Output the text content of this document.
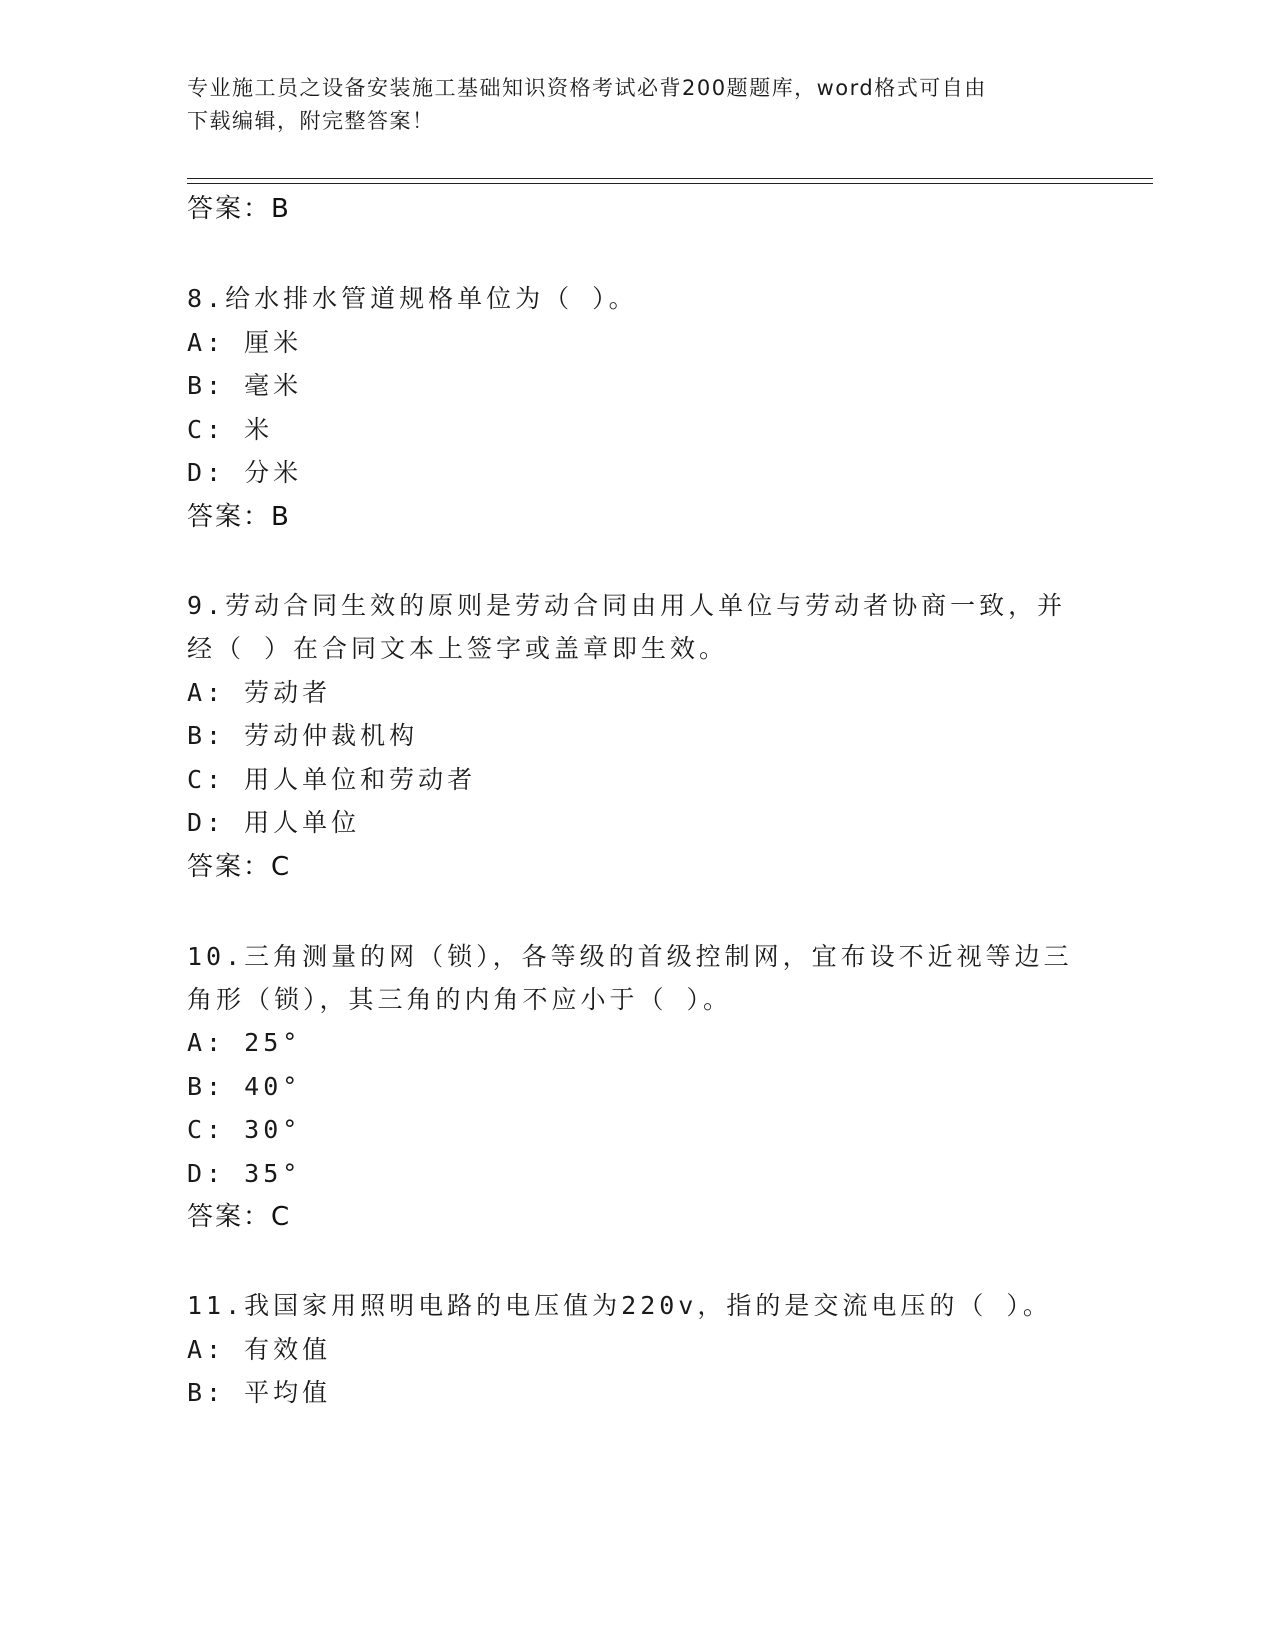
专业施工员之设备安装施工基础知识资格考试必背200题题库，word格式可自由
下载编辑，附完整答案！
答案：B
8.给水排水管道规格单位为（ ）。
A: 厘米
B: 毫米
C: 米
D: 分米
答案：B
9.劳动合同生效的原则是劳动合同由用人单位与劳动者协商一致，并
经（ ）在合同文本上签字或盖章即生效。
A: 劳动者
B: 劳动仲裁机构
C: 用人单位和劳动者
D: 用人单位
答案：C
10.三角测量的网（锁），各等级的首级控制网，宜布设不近视等边三
角形（锁），其三角的内角不应小于（ ）。
A: 25°
B: 40°
C: 30°
D: 35°
答案：C
11.我国家用照明电路的电压值为220v，指的是交流电压的（ ）。
A: 有效值
B: 平均值
